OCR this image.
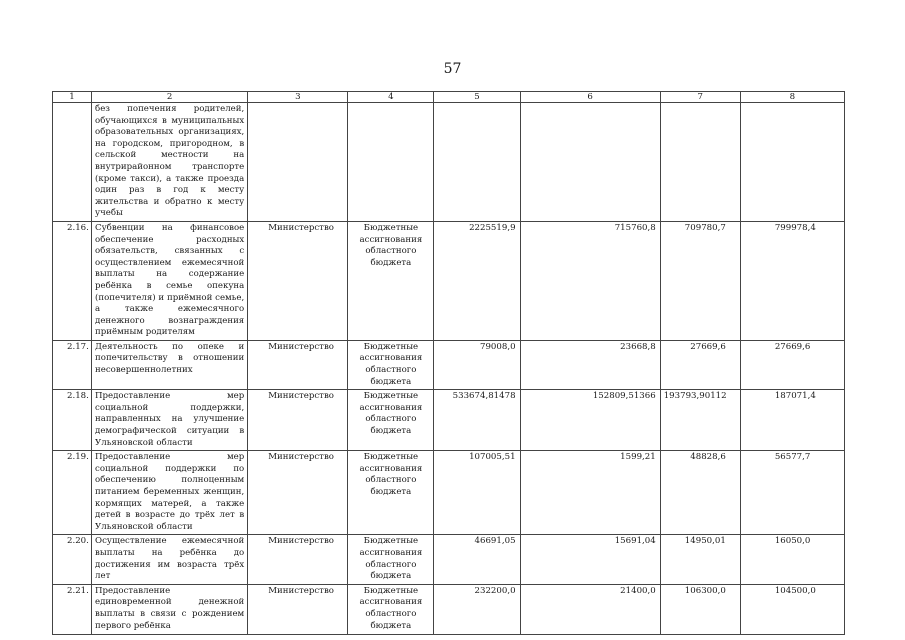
57
1	2	3	4	5	6	7	8
	без попечения родителей, обучающихся в муниципальных образовательных организациях, на городском, пригородном, в сельской местности на внутрирайонном транспорте (кроме такси), а также проезда один раз в год к месту жительства и обратно к месту учебы						
2.16.	Субвенции на финансовое обеспечение расходных обязательств, связанных с осуществлением ежемесячной выплаты на содержание ребёнка в семье опекуна (попечителя) и приёмной семье, а также ежемесячного денежного вознаграждения приёмным родителям	Министерство	Бюджетные ассигнования областного бюджета	2225519,9	715760,8	709780,7	799978,4
2.17.	Деятельность по опеке и попечительству в отношении несовершеннолетних	Министерство	Бюджетные ассигнования областного бюджета	79008,0	23668,8	27669,6	27669,6
2.18.	Предоставление мер социальной поддержки, направленных на улучшение демографической ситуации в Ульяновской области	Министерство	Бюджетные ассигнования областного бюджета	533674,81478	152809,51366	193793,90112	187071,4
2.19.	Предоставление мер социальной поддержки по обеспечению полноценным питанием беременных женщин, кормящих матерей, а также детей в возрасте до трёх лет в Ульяновской области	Министерство	Бюджетные ассигнования областного бюджета	107005,51	1599,21	48828,6	56577,7
2.20.	Осуществление ежемесячной выплаты на ребёнка до достижения им возраста трёх лет	Министерство	Бюджетные ассигнования областного бюджета	46691,05	15691,04	14950,01	16050,0
2.21.	Предоставление единовременной денежной выплаты в связи с рождением первого ребёнка	Министерство	Бюджетные ассигнования областного бюджета	232200,0	21400,0	106300,0	104500,0
